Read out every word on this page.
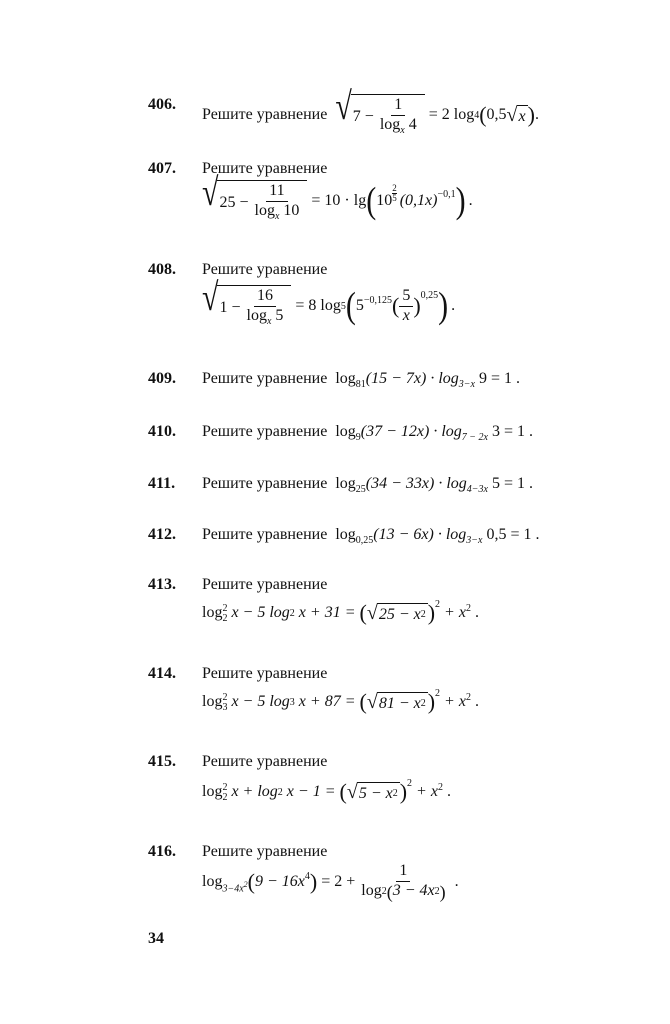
406.
Решите уравнение √ $7 - \frac{1}{\log_x 4} = 2$ log 4 ( 0,5 √ x ) .
407. Решите уравнение
√ $25 - \frac{11}{\log_x 10} = 10 \cdot \lg$ ( 10
2
5 $(0,1x)^{-0,1}$ ) .
408. Решите уравнение
√ $1 - \frac{16}{\log_x 5} = 8$ log 5 ( $5^{-0,125}$ ( $\frac{5}{x} )^{0,25}$ ) .
409. Решите уравнение $\log_{81}(15 - 7x) \cdot \log_{3-x} 9 = 1$ .
410. Решите уравнение $\log_9(37 - 12x) \cdot \log_{7 - 2x} 3 = 1$ .
411. Решите уравнение $\log_{25}(34 - 33x) \cdot \log_{4-3x} 5 = 1$ .
412. Решите уравнение $\log_{0,25}(13 - 6x) \cdot \log_{3-x} 0,5 = 1$ .
413. Решите уравнение
log 2
2
x − 5 log 2
x + 31 = ( √ 25 − x 2 )$^2 + x^2$ .
414. Решите уравнение
log 2
3
x − 5 log 3
x + 87 = ( √ 81 − x 2 )$^2 + x^2$ .
415. Решите уравнение
log 2
2
x + log 2
x − 1 = ( √ 5 − x 2 )$^2 + x^2$ .
416. Решите уравнение
log $_{3-4x^2}$ ( $9 - 16x^4$ ) = $2 + \frac{1}{\log 2 ( 3 - 4x 2 )}$ .
34
